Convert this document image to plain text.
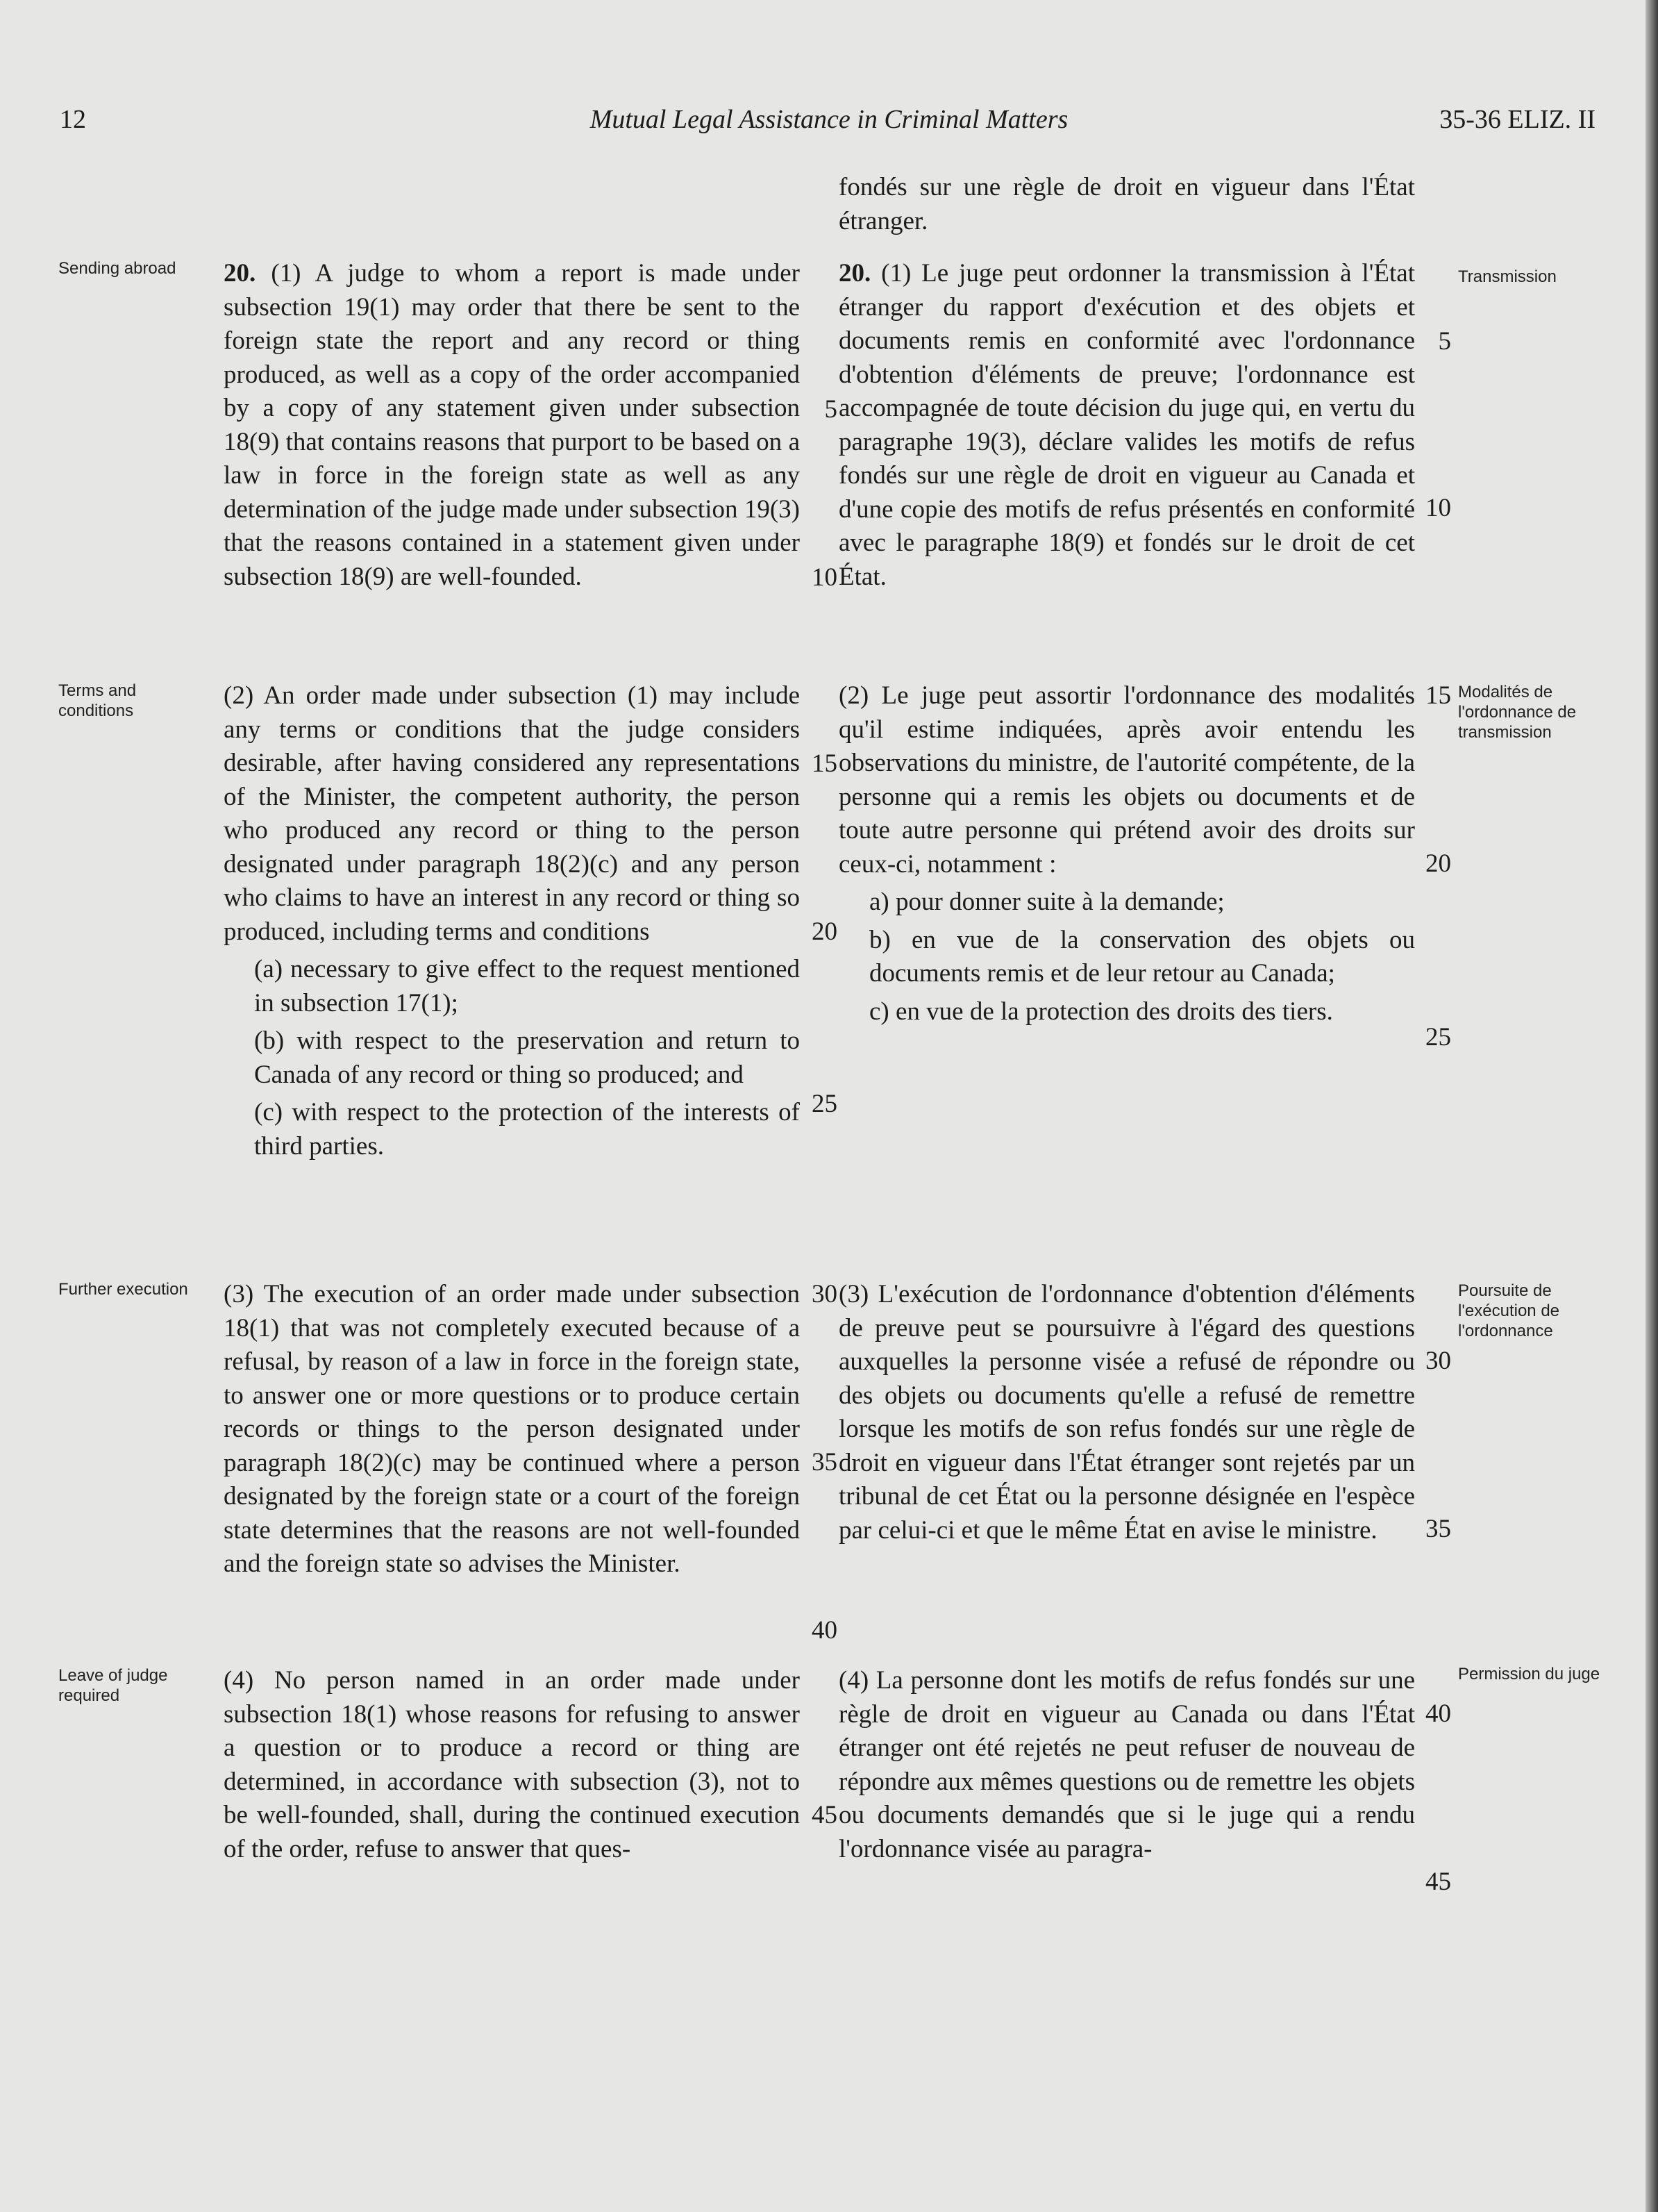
12	Mutual Legal Assistance in Criminal Matters	35-36 ELIZ. II
Sending abroad
Terms and conditions
Further execution
Leave of judge required
Transmission
Modalités de l'ordonnance de transmission
Poursuite de l'exécution de l'ordonnance
Permission du juge

20. (1) A judge to whom a report is made under subsection 19(1) may order that there be sent to the foreign state the report and any record or thing produced, as well as a copy of the order accompanied by a copy of any statement given under subsection 18(9) that contains reasons that purport to be based on a law in force in the foreign state as well as any determination of the judge made under subsection 19(3) that the reasons contained in a statement given under subsection 18(9) are well-founded.

(2) An order made under subsection (1) may include any terms or conditions that the judge considers desirable, after having considered any representations of the Minister, the competent authority, the person who produced any record or thing to the person designated under paragraph 18(2)(c) and any person who claims to have an interest in any record or thing so produced, including terms and conditions

(a) necessary to give effect to the request mentioned in subsection 17(1);

(b) with respect to the preservation and return to Canada of any record or thing so produced; and

(c) with respect to the protection of the interests of third parties.

(3) The execution of an order made under subsection 18(1) that was not completely executed because of a refusal, by reason of a law in force in the foreign state, to answer one or more questions or to produce certain records or things to the person designated under paragraph 18(2)(c) may be continued where a person designated by the foreign state or a court of the foreign state determines that the reasons are not well-founded and the foreign state so advises the Minister.
(4) No person named in an order made under subsection 18(1) whose reasons for refusing to answer a question or to produce a record or thing are determined, in accordance with subsection (3), not to be well-founded, shall, during the continued execution of the order, refuse to answer that ques-
fondés sur une règle de droit en vigueur dans l'État étranger.

20. (1) Le juge peut ordonner la transmission à l'État étranger du rapport d'exécution et des objets et documents remis en conformité avec l'ordonnance d'obtention d'éléments de preuve; l'ordonnance est accompagnée de toute décision du juge qui, en vertu du paragraphe 19(3), déclare valides les motifs de refus fondés sur une règle de droit en vigueur au Canada et d'une copie des motifs de refus présentés en conformité avec le paragraphe 18(9) et fondés sur le droit de cet État.

(2) Le juge peut assortir l'ordonnance des modalités qu'il estime indiquées, après avoir entendu les observations du ministre, de l'autorité compétente, de la personne qui a remis les objets ou documents et de toute autre personne qui prétend avoir des droits sur ceux-ci, notamment :

a) pour donner suite à la demande;

b) en vue de la conservation des objets ou documents remis et de leur retour au Canada;

c) en vue de la protection des droits des tiers.

(3) L'exécution de l'ordonnance d'obtention d'éléments de preuve peut se poursuivre à l'égard des questions auxquelles la personne visée a refusé de répondre ou des objets ou documents qu'elle a refusé de remettre lorsque les motifs de son refus fondés sur une règle de droit en vigueur dans l'État étranger sont rejetés par un tribunal de cet État ou la personne désignée en l'espèce par celui-ci et que le même État en avise le ministre.
(4) La personne dont les motifs de refus fondés sur une règle de droit en vigueur au Canada ou dans l'État étranger ont été rejetés ne peut refuser de nouveau de répondre aux mêmes questions ou de remettre les objets ou documents demandés que si le juge qui a rendu l'ordonnance visée au paragra-
5
10
15
20
25
30
35
40
45
5
10
15
20
25
30
35
40
45
